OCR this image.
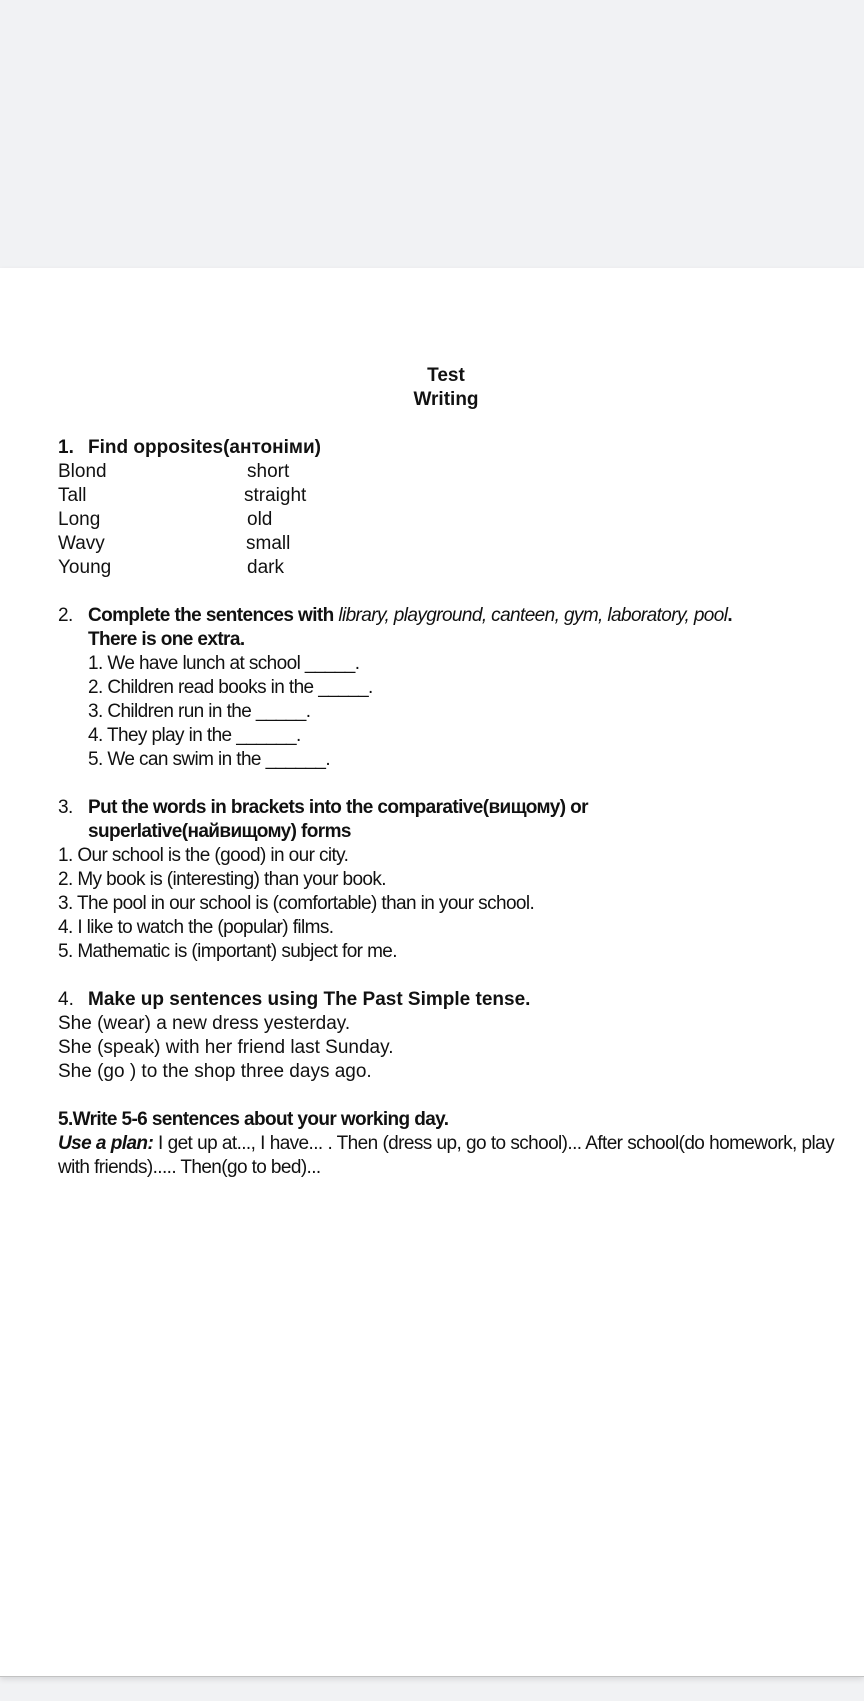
Test
Writing
1. Find opposites(антоніми)
Blond	short
Tall	straight
Long	old
Wavy	small
Young	dark
2. Complete the sentences with library, playground, canteen, gym, laboratory, pool.
There is one extra.
1. We have lunch at school _____.
2. Children read books in the _____.
3. Children run in the _____.
4. They play in the ______.
5. We can swim in the ______.
3. Put the words in brackets into the comparative(вищому) or
superlative(найвищому) forms
1. Our school is the (good) in our city.
2. My book is (interesting) than your book.
3. The pool in our school is (comfortable) than in your school.
4. I like to watch the (popular) films.
5. Mathematic is (important) subject for me.
4. Make up sentences using The Past Simple tense.
She (wear) a new dress yesterday.
She (speak) with her friend last Sunday.
She (go ) to the shop three days ago.
5.Write 5-6 sentences about your working day.
Use a plan: I get up at..., I have... . Then (dress up, go to school)... After school(do homework, play with friends)..... Then(go to bed)...
